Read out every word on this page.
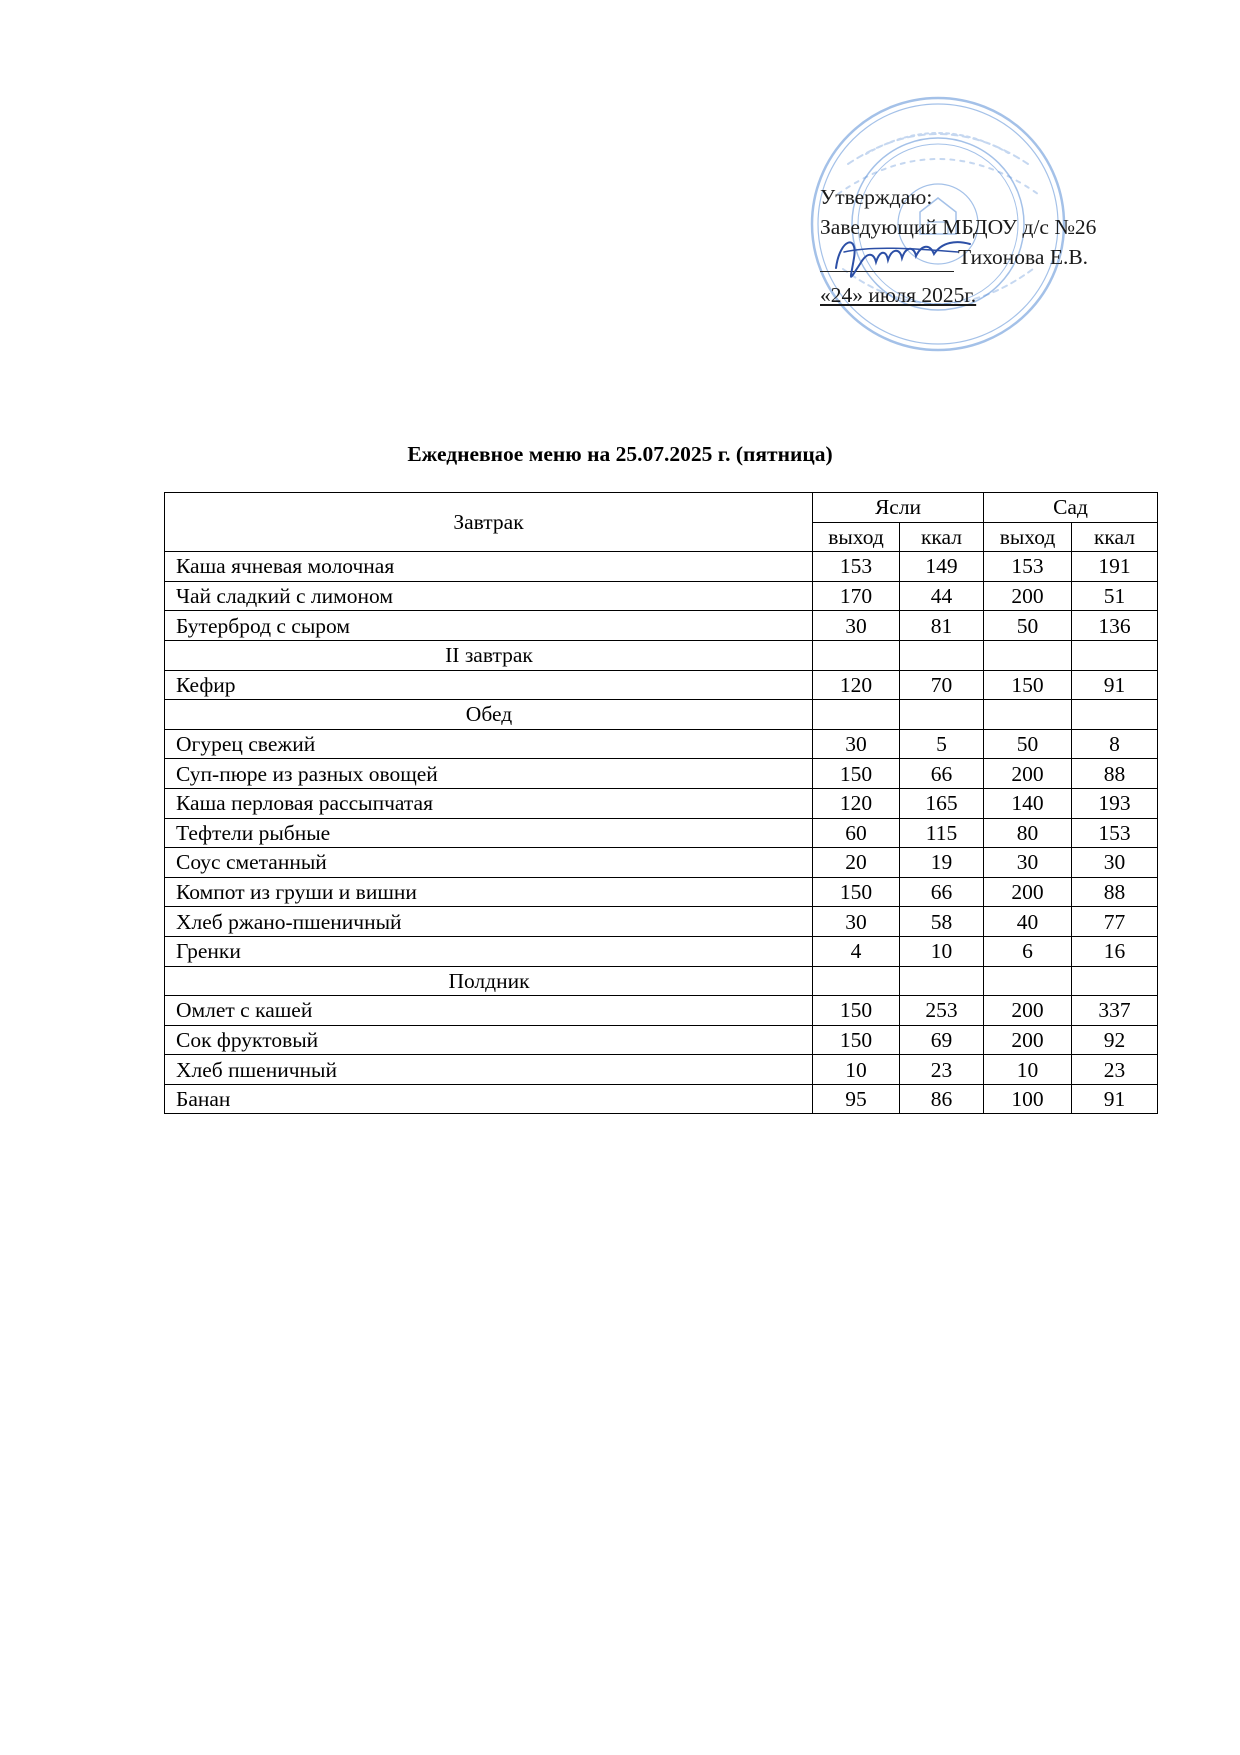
Утверждаю:
Заведующий МБДОУ д/с №26
Тихонова Е.В.
«24» июля 2025г.
Ежедневное меню на 25.07.2025 г. (пятница)
Завтрак	Ясли		Сад	
	выход	ккал	выход	ккал
Каша ячневая молочная	153	149	153	191
Чай сладкий с лимоном	170	44	200	51
Бутерброд с сыром	30	81	50	136
II завтрак				
Кефир	120	70	150	91
Обед				
Огурец свежий	30	5	50	8
Суп-пюре из разных овощей	150	66	200	88
Каша перловая рассыпчатая	120	165	140	193
Тефтели рыбные	60	115	80	153
Соус сметанный	20	19	30	30
Компот из груши и вишни	150	66	200	88
Хлеб ржано-пшеничный	30	58	40	77
Гренки	4	10	6	16
Полдник				
Омлет с кашей	150	253	200	337
Сок фруктовый	150	69	200	92
Хлеб пшеничный	10	23	10	23
Банан	95	86	100	91
